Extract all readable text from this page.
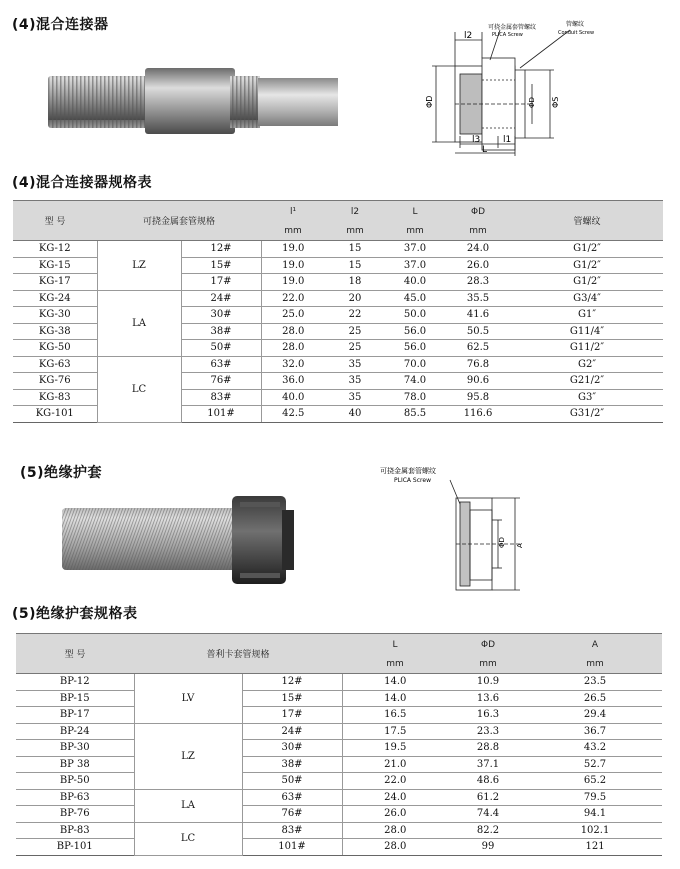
(4)混合连接器	可挠金属套管螺纹
PLICA Screw
管螺纹
Conduit Screw
l2
l3	l1
L
ΦD	ΦS
ΦD
(4)混合连接器规格表
型 号	可挠金属套管规格		l¹	l2	L	ΦD	管螺纹
			mm	mm	mm	mm	
KG-12	LZ	12#	19.0	15	37.0	24.0	G1/2″
KG-15		15#	19.0	15	37.0	26.0	G1/2″
KG-17		17#	19.0	18	40.0	28.3	G1/2″
KG-24	LA	24#	22.0	20	45.0	35.5	G3/4″
KG-30		30#	25.0	22	50.0	41.6	G1″
KG-38		38#	28.0	25	56.0	50.5	G11/4″
KG-50		50#	28.0	25	56.0	62.5	G11/2″
KG-63	LC	63#	32.0	35	70.0	76.8	G2″
KG-76		76#	36.0	35	74.0	90.6	G21/2″
KG-83		83#	40.0	35	78.0	95.8	G3″
KG-101		101#	42.5	40	85.5	116.6	G31/2″
(5)绝缘护套	可挠金属套管螺纹
PLICA Screw
ΦD A
(5)绝缘护套规格表
型 号	普利卡套管规格		L	ΦD	A
			mm	mm	mm
BP-12	LV	12#	14.0	10.9	23.5
BP-15		15#	14.0	13.6	26.5
BP-17		17#	16.5	16.3	29.4
BP-24	LZ	24#	17.5	23.3	36.7
BP-30		30#	19.5	28.8	43.2
BP 38		38#	21.0	37.1	52.7
BP-50		50#	22.0	48.6	65.2
BP-63	LA	63#	24.0	61.2	79.5
BP-76		76#	26.0	74.4	94.1
BP-83	LC	83#	28.0	82.2	102.1
BP-101		101#	28.0	99	121
